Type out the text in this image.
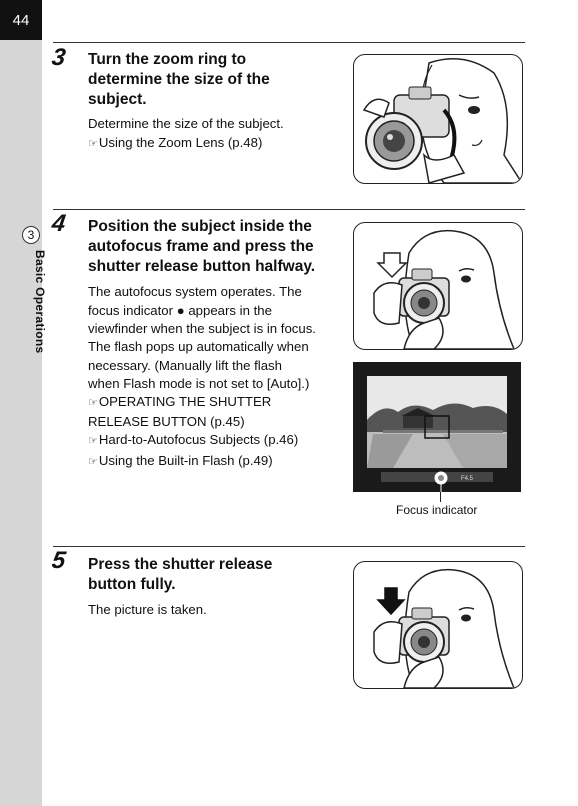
44
3
Basic Operations
3 Turn the zoom ring to
determine the size of the
subject.

Determine the size of the subject.

☞Using the Zoom Lens (p.48)
4 Position the subject inside the
autofocus frame and press the
shutter release button halfway.
The autofocus system operates. The
focus indicator ● appears in the
viewfinder when the subject is in focus.
The flash pops up automatically when
necessary. (Manually lift the flash
when Flash mode is not set to [Auto].)
☞OPERATING THE SHUTTER
RELEASE BUTTON (p.45)
☞Hard-to-Autofocus Subjects (p.46)
☞Using the Built-in Flash (p.49)
F4.5
Focus indicator
5 Press the shutter release
button fully.

The picture is taken.
